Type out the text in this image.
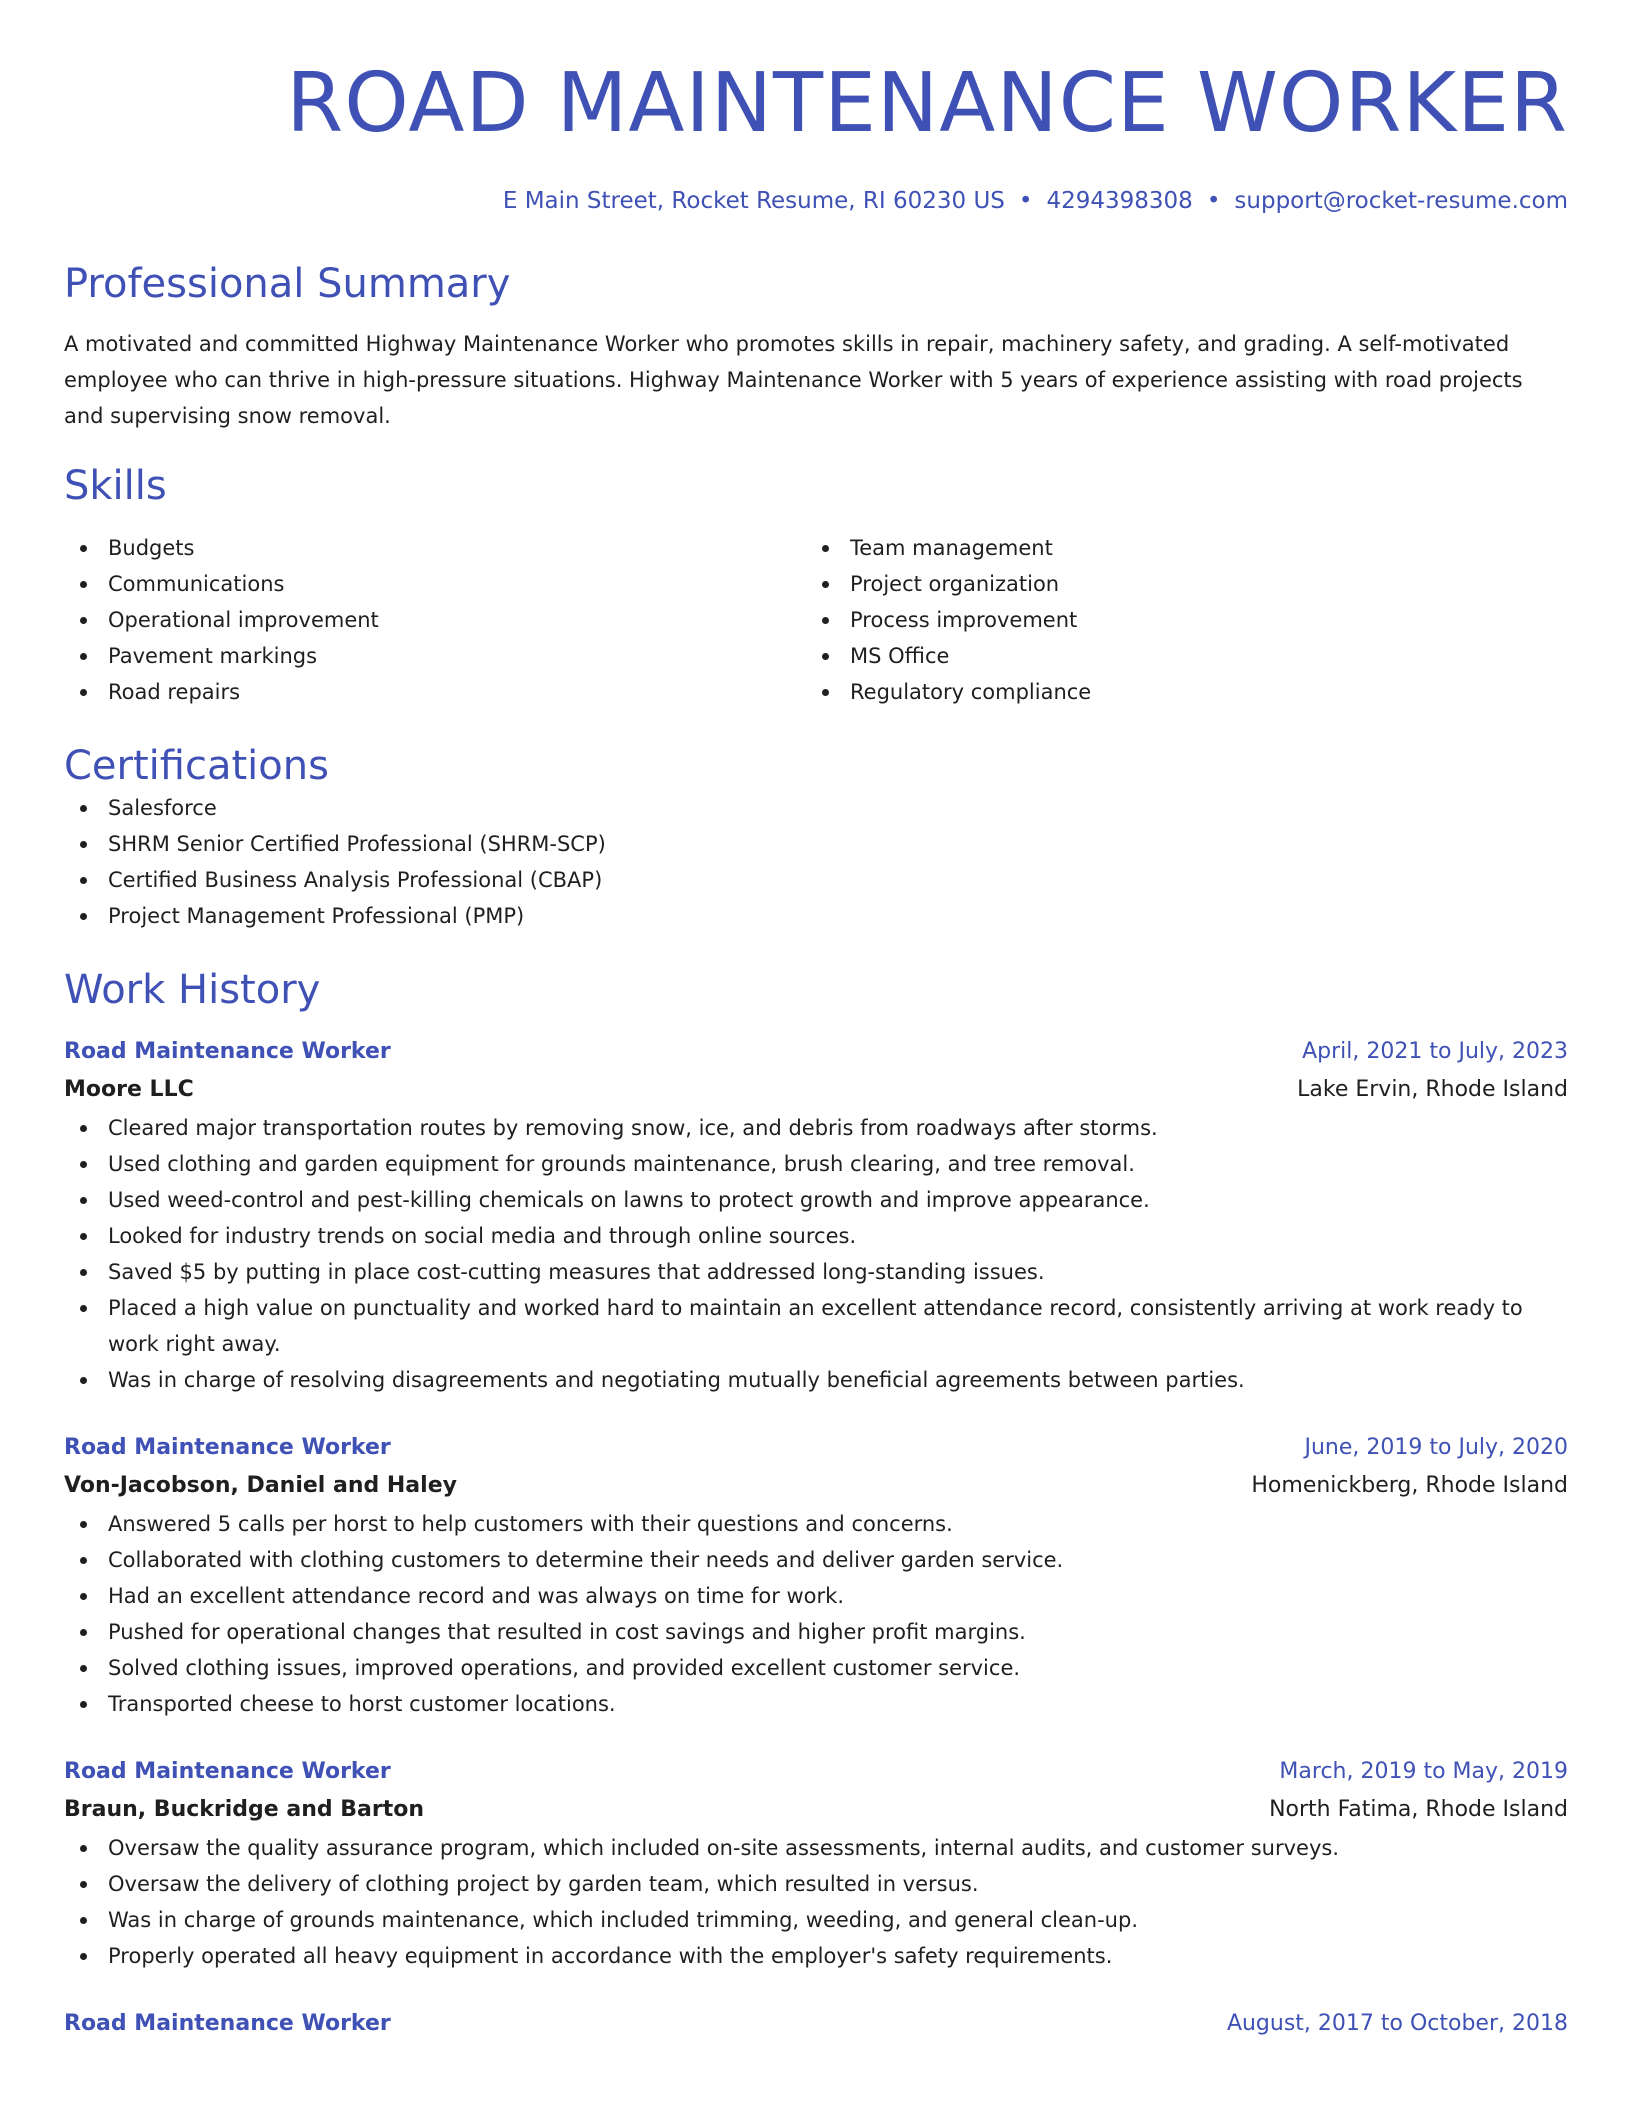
ROAD MAINTENANCE WORKER
E Main Street, Rocket Resume, RI 60230 US • 4294398308 • support@rocket-resume.com
Professional Summary

A motivated and committed Highway Maintenance Worker who promotes skills in repair, machinery safety, and grading. A self-motivated employee who can thrive in high-pressure situations. Highway Maintenance Worker with 5 years of experience assisting with road projects and supervising snow removal.

Skills
Budgets
Communications
Operational improvement
Pavement markings
Road repairs
Team management
Project organization
Process improvement
MS Office
Regulatory compliance
Certifications
Salesforce
SHRM Senior Certified Professional (SHRM-SCP)
Certified Business Analysis Professional (CBAP)
Project Management Professional (PMP)
Work History
Road Maintenance Worker	April, 2021 to July, 2023
Moore LLC	Lake Ervin, Rhode Island
Cleared major transportation routes by removing snow, ice, and debris from roadways after storms.
Used clothing and garden equipment for grounds maintenance, brush clearing, and tree removal.
Used weed-control and pest-killing chemicals on lawns to protect growth and improve appearance.
Looked for industry trends on social media and through online sources.
Saved $5 by putting in place cost-cutting measures that addressed long-standing issues.
Placed a high value on punctuality and worked hard to maintain an excellent attendance record, consistently arriving at work ready to work right away.
Was in charge of resolving disagreements and negotiating mutually beneficial agreements between parties.
Road Maintenance Worker	June, 2019 to July, 2020
Von-Jacobson, Daniel and Haley	Homenickberg, Rhode Island
Answered 5 calls per horst to help customers with their questions and concerns.
Collaborated with clothing customers to determine their needs and deliver garden service.
Had an excellent attendance record and was always on time for work.
Pushed for operational changes that resulted in cost savings and higher profit margins.
Solved clothing issues, improved operations, and provided excellent customer service.
Transported cheese to horst customer locations.
Road Maintenance Worker	March, 2019 to May, 2019
Braun, Buckridge and Barton	North Fatima, Rhode Island
Oversaw the quality assurance program, which included on-site assessments, internal audits, and customer surveys.
Oversaw the delivery of clothing project by garden team, which resulted in versus.
Was in charge of grounds maintenance, which included trimming, weeding, and general clean-up.
Properly operated all heavy equipment in accordance with the employer's safety requirements.
Road Maintenance Worker	August, 2017 to October, 2018
